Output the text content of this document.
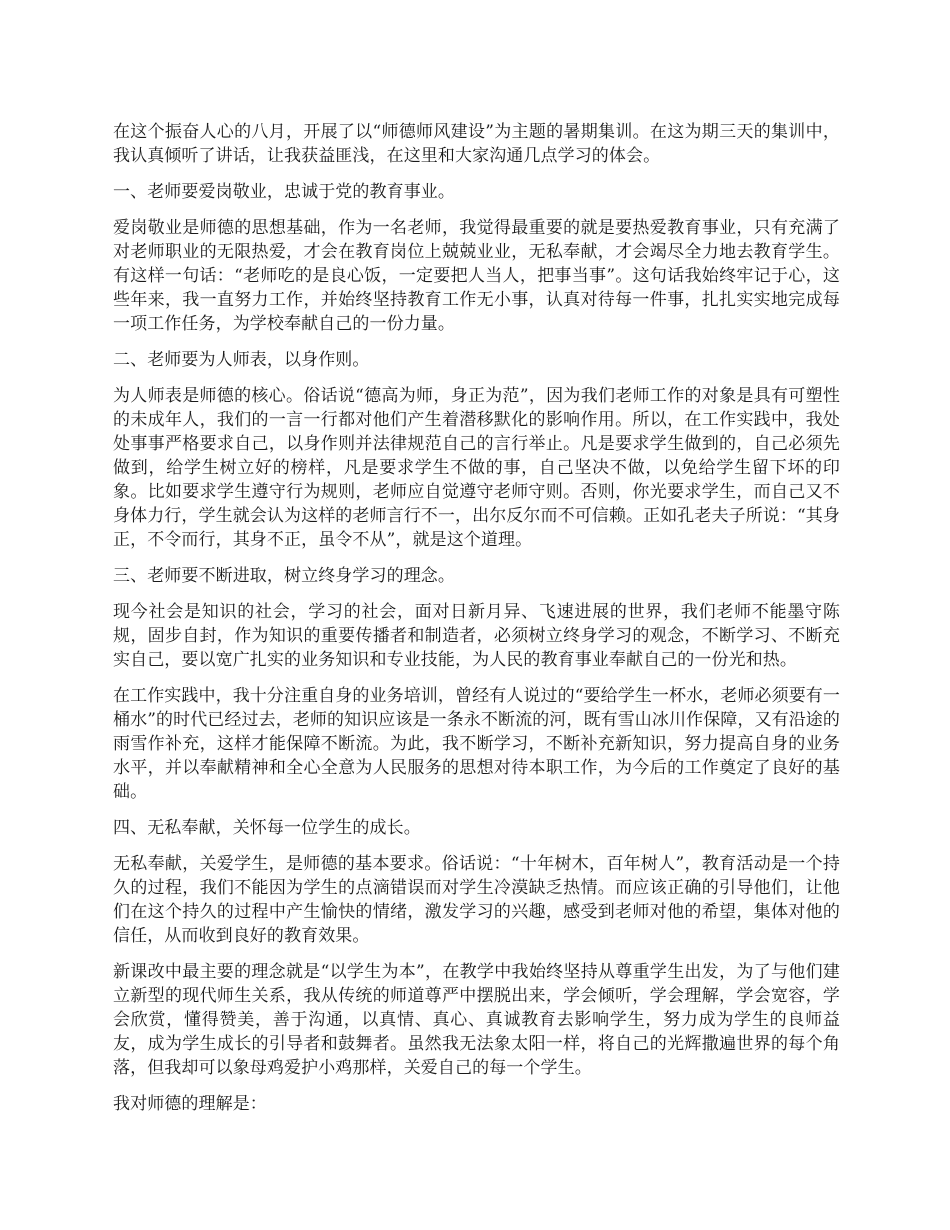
在这个振奋人心的八月，开展了以“师德师风建设”为主题的暑期集训。在这为期三天的集训中，我认真倾听了讲话，让我获益匪浅，在这里和大家沟通几点学习的体会。

一、老师要爱岗敬业，忠诚于党的教育事业。

爱岗敬业是师德的思想基础，作为一名老师，我觉得最重要的就是要热爱教育事业，只有充满了对老师职业的无限热爱，才会在教育岗位上兢兢业业，无私奉献，才会竭尽全力地去教育学生。有这样一句话：“老师吃的是良心饭，一定要把人当人，把事当事”。这句话我始终牢记于心，这些年来，我一直努力工作，并始终坚持教育工作无小事，认真对待每一件事，扎扎实实地完成每一项工作任务，为学校奉献自己的一份力量。

二、老师要为人师表，以身作则。

为人师表是师德的核心。俗话说“德高为师，身正为范”，因为我们老师工作的对象是具有可塑性的未成年人，我们的一言一行都对他们产生着潜移默化的影响作用。所以，在工作实践中，我处处事事严格要求自己，以身作则并法律规范自己的言行举止。凡是要求学生做到的，自己必须先做到，给学生树立好的榜样，凡是要求学生不做的事，自己坚决不做，以免给学生留下坏的印象。比如要求学生遵守行为规则，老师应自觉遵守老师守则。否则，你光要求学生，而自己又不身体力行，学生就会认为这样的老师言行不一，出尔反尔而不可信赖。正如孔老夫子所说：“其身正，不令而行，其身不正，虽令不从”，就是这个道理。

三、老师要不断进取，树立终身学习的理念。

现今社会是知识的社会，学习的社会，面对日新月异、飞速进展的世界，我们老师不能墨守陈规，固步自封，作为知识的重要传播者和制造者，必须树立终身学习的观念，不断学习、不断充实自己，要以宽广扎实的业务知识和专业技能，为人民的教育事业奉献自己的一份光和热。

在工作实践中，我十分注重自身的业务培训，曾经有人说过的“要给学生一杯水，老师必须要有一桶水”的时代已经过去，老师的知识应该是一条永不断流的河，既有雪山冰川作保障，又有沿途的雨雪作补充，这样才能保障不断流。为此，我不断学习，不断补充新知识，努力提高自身的业务水平，并以奉献精神和全心全意为人民服务的思想对待本职工作，为今后的工作奠定了良好的基础。

四、无私奉献，关怀每一位学生的成长。

无私奉献，关爱学生，是师德的基本要求。俗话说：“十年树木，百年树人”，教育活动是一个持久的过程，我们不能因为学生的点滴错误而对学生冷漠缺乏热情。而应该正确的引导他们，让他们在这个持久的过程中产生愉快的情绪，激发学习的兴趣，感受到老师对他的希望，集体对他的信任，从而收到良好的教育效果。

新课改中最主要的理念就是“以学生为本”，在教学中我始终坚持从尊重学生出发，为了与他们建立新型的现代师生关系，我从传统的师道尊严中摆脱出来，学会倾听，学会理解，学会宽容，学会欣赏，懂得赞美，善于沟通，以真情、真心、真诚教育去影响学生，努力成为学生的良师益友，成为学生成长的引导者和鼓舞者。虽然我无法象太阳一样，将自己的光辉撒遍世界的每个角落，但我却可以象母鸡爱护小鸡那样，关爱自己的每一个学生。

我对师德的理解是：
